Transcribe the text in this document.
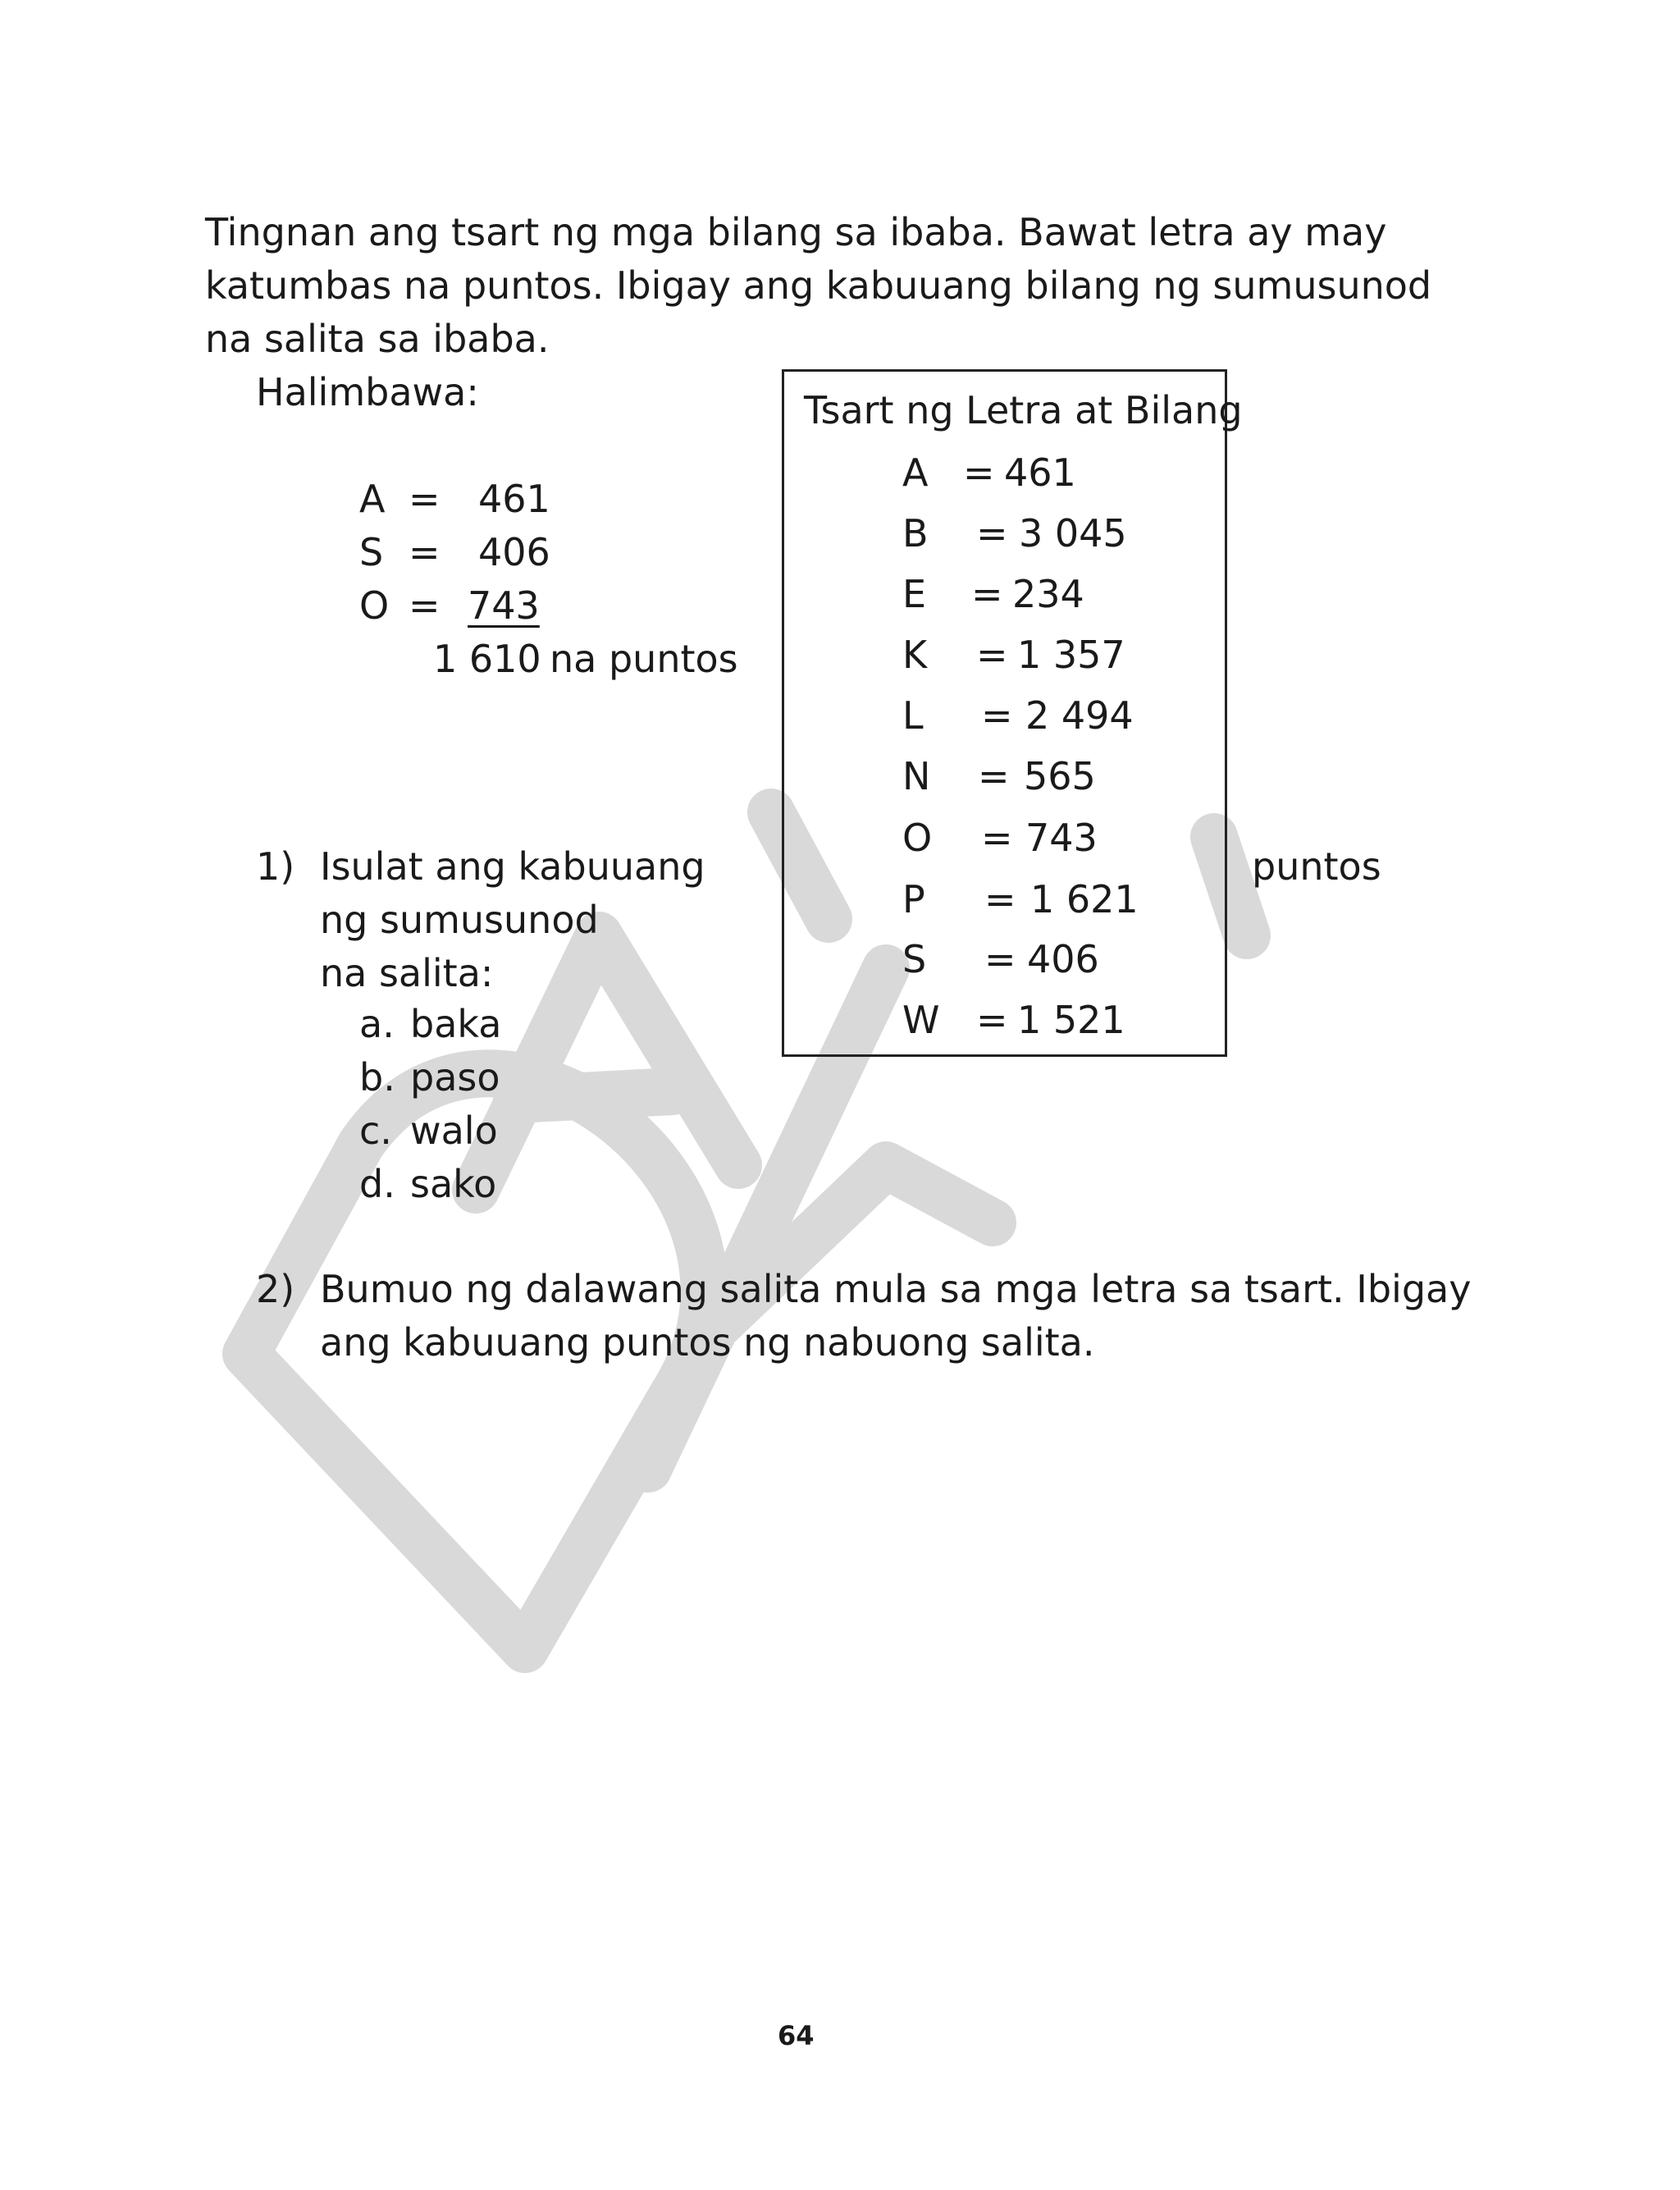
Tingnan ang tsart ng mga bilang sa ibaba. Bawat letra ay may
katumbas na puntos. Ibigay ang kabuuang bilang ng sumusunod
na salita sa ibaba.
Halimbawa:
A = 461
S = 406
O = 743
1 610 na puntos
Tsart ng Letra at Bilang
A = 461
B = 3 045
E = 234
K = 1 357
L = 2 494
N = 565
O = 743
P = 1 621
S = 406
W = 1 521
1) Isulat ang kabuuang	puntos
ng sumusunod
na salita:
a. baka
b. paso
c. walo
d. sako
2) Bumuo ng dalawang salita mula sa mga letra sa tsart. Ibigay
ang kabuuang puntos ng nabuong salita.
64
